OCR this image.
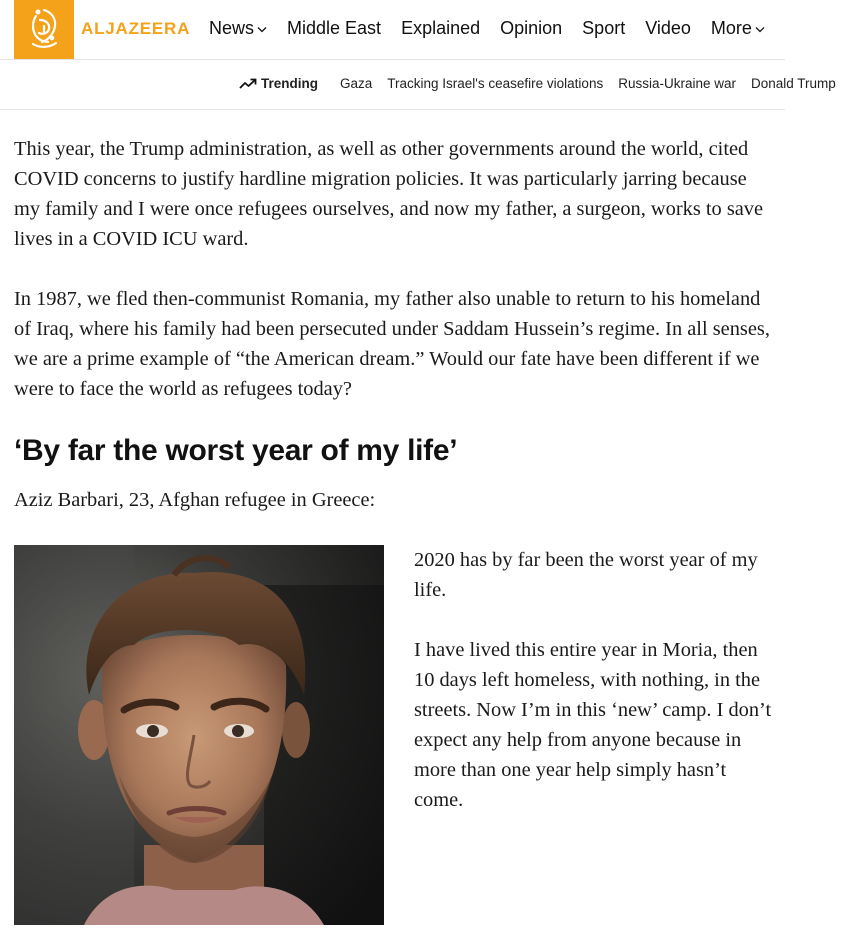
ALJAZEERA News Middle East Explained Opinion Sport Video More
Trending Gaza Tracking Israel's ceasefire violations Russia-Ukraine war Donald Trump

This year, the Trump administration, as well as other governments around the world, cited COVID concerns to justify hardline migration policies. It was particularly jarring because my family and I were once refugees ourselves, and now my father, a surgeon, works to save lives in a COVID ICU ward.

In 1987, we fled then-communist Romania, my father also unable to return to his homeland of Iraq, where his family had been persecuted under Saddam Hussein’s regime. In all senses, we are a prime example of “the American dream.” Would our fate have been different if we were to face the world as refugees today?

‘By far the worst year of my life’

Aziz Barbari, 23, Afghan refugee in Greece:

2020 has by far been the worst year of my life.

I have lived this entire year in Moria, then 10 days left homeless, with nothing, in the streets. Now I’m in this ‘new’ camp. I don’t expect any help from anyone because in more than one year help simply hasn’t come.
